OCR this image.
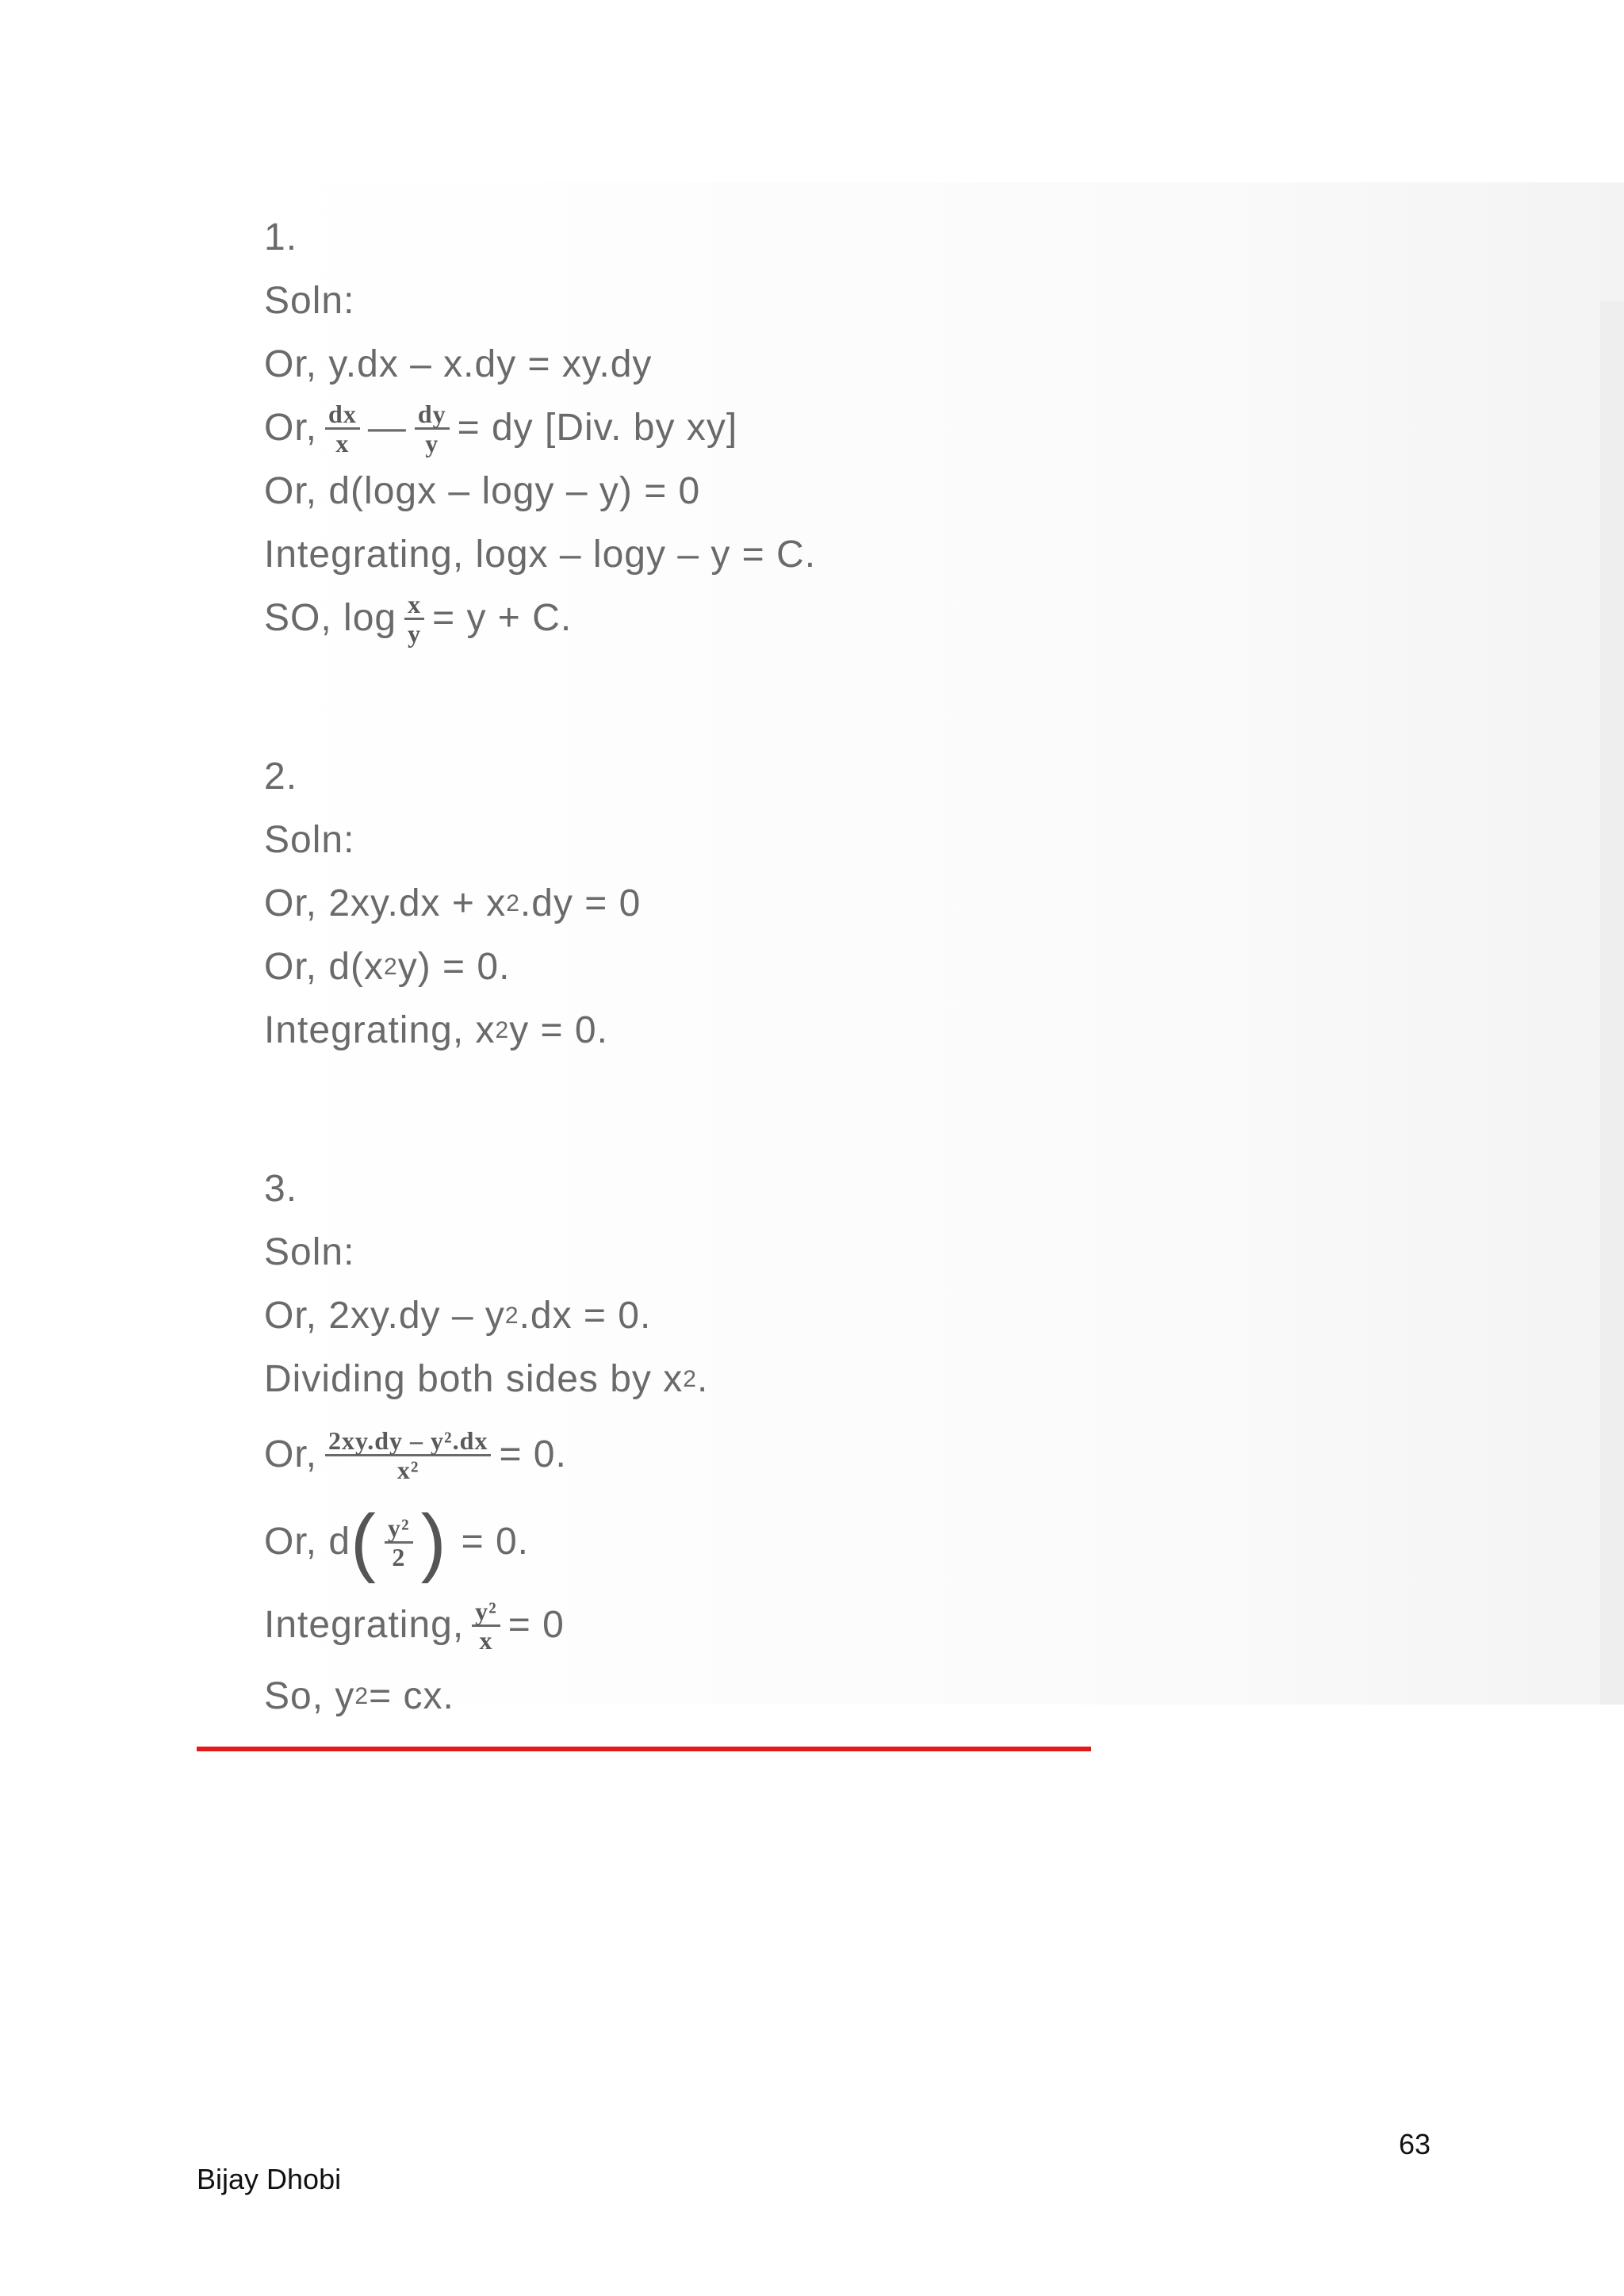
1.
Soln:
Or, y.dx – x.dy = xy.dy
Or, $\frac{dx}{x}$ — $\frac{dy}{y}$ = dy [Div. by xy]
Or, d(logx – logy – y) = 0
Integrating, logx – logy – y = C.
SO, $\log \frac{x}{y} = y + C$.
2.
Soln:
Or, 2xy.dx + x 2 .dy = 0
Or, d(x 2 y) = 0.
Integrating, x 2 y = 0.
3.
Soln:
Or, 2xy.dy – y 2 .dx = 0.
Dividing both sides by x 2 .
Or, $\frac{\text{2xy.dy – y².dx}}{\text{x²}} = 0$.
Or, d ( $\frac{\text{y²}}{2}$ ) = 0.
Integrating, $\frac{\text{y²}}{x} = 0$
So, y 2 = cx.
63
Bijay Dhobi
